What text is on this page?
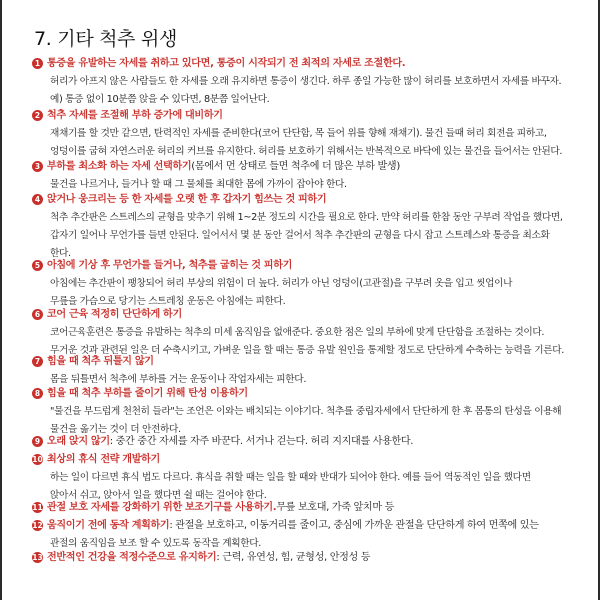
7. 기타 척추 위생
1 통증을 유발하는 자세를 취하고 있다면, 통증이 시작되기 전 최적의 자세로 조절한다.
허리가 아프지 않은 사람들도 한 자세를 오래 유지하면 통증이 생긴다. 하루 종일 가능한 많이 허리를 보호하면서 자세를 바꾸자.
예) 통증 없이 10분쯤 앉을 수 있다면, 8분쯤 일어난다.
2 척추 자세를 조절해 부하 증가에 대비하기
재채기를 할 것만 같으면, 탄력적인 자세를 준비한다(코어 단단함, 목 들어 위를 향해 재채기). 물건 들때 허리 회전을 피하고,
엉덩이를 굽혀 자연스러운 허리의 커브를 유지한다. 허리를 보호하기 위해서는 반복적으로 바닥에 있는 물건을 들어서는 안된다.
3 부하를 최소화 하는 자세 선택하기 (몸에서 먼 상태로 들면 척추에 더 많은 부하 발생)
물건을 나르거나, 들거나 할 때 그 물체를 최대한 몸에 가까이 잡아야 한다.
4 앉거나 웅크리는 등 한 자세를 오랫 한 후 갑자기 힘쓰는 것 피하기
척추 추간판은 스트레스의 균형을 맞추기 위해 1~2분 정도의 시간을 필요로 한다. 만약 허리를 한참 동안 구부려 작업을 했다면,
갑자기 일어나 무언가를 들면 안된다. 일어서서 몇 분 동안 걸어서 척추 추간판의 균형을 다시 잡고 스트레스와 통증을 최소화
한다.
5 아침에 기상 후 무언가를 들거나, 척추를 굽히는 것 피하기
아침에는 추간판이 팽창되어 허리 부상의 위험이 더 높다. 허리가 아닌 엉덩이(고관절)을 구부려 옷을 입고 씻업이나
무릎을 가슴으로 당기는 스트레칭 운동은 아침에는 피한다.
6 코어 근육 적정히 단단하게 하기
코어근육훈련은 통증을 유발하는 척추의 미세 움직임을 없애준다. 중요한 점은 일의 부하에 맞게 단단함을 조절하는 것이다.
무거운 것과 관련된 일은 더 수축시키고, 가벼운 일을 할 때는 통증 유발 원인을 통제할 정도로 단단하게 수축하는 능력을 기른다.
7 힘을 때 척추 뒤틀지 않기
몸을 뒤틀면서 척추에 부하를 거는 운동이나 작업자세는 피한다.
8 힘을 때 척추 부하를 줄이기 위해 탄성 이용하기
"물건을 부드럽게 천천히 들라"는 조언은 이와는 배치되는 이야기다. 척추를 중립자세에서 단단하게 한 후 몸통의 탄성을 이용해
물건을 옮기는 것이 더 안전하다.
9 오래 앉지 않기 : 중간 중간 자세를 자주 바꾼다. 서거나 걷는다. 허리 지지대를 사용한다.
10 최상의 휴식 전략 개발하기
하는 일이 다르면 휴식 법도 다르다. 휴식을 취할 때는 일을 할 때와 반대가 되어야 한다. 예를 들어 역동적인 일을 했다면
앉아서 쉬고, 앉아서 일을 했다면 쉴 때는 걸어야 한다.
11 관절 보호 자세를 강화하기 위한 보조기구를 사용하기. 무릎 보호대, 가죽 앞치마 등
12 움직이기 전에 동작 계획하기 : 관절을 보호하고, 이동거리를 줄이고, 중심에 가까운 관절을 단단하게 하여 먼쪽에 있는
관절의 움직임을 보조 할 수 있도록 동작을 계획한다.
13 전반적인 건강을 적정수준으로 유지하기 : 근력, 유연성, 힘, 균형성, 안정성 등
